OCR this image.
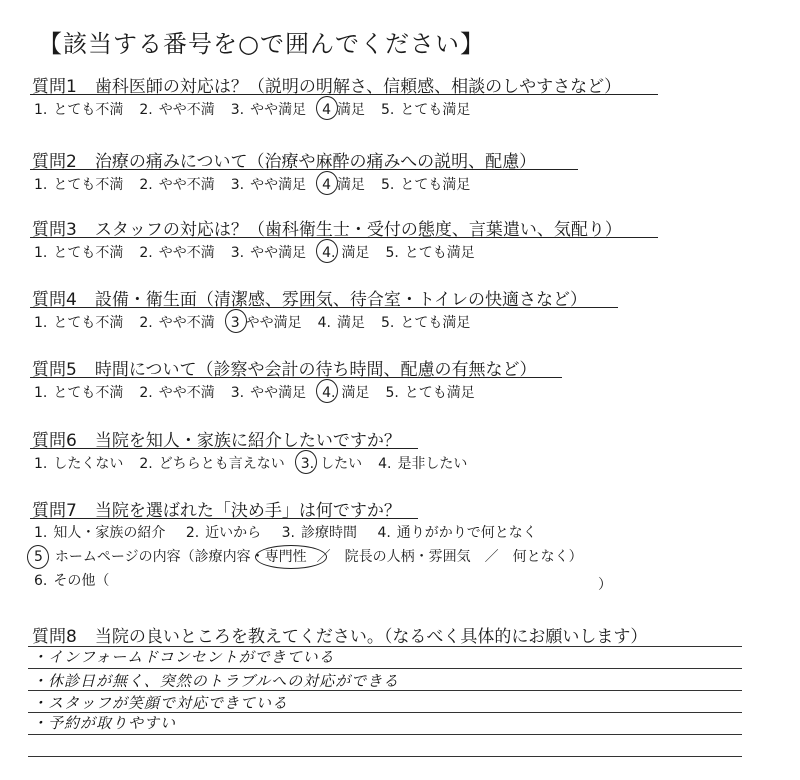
【該当する番号を○で囲んでください】
質問1 歯科医師の対応は？（説明の明解さ、信頼感、相談のしやすさなど）
1. とても不満 2. やや不満 3. やや満足 4 満足 5. とても満足
質問2 治療の痛みについて（治療や麻酔の痛みへの説明、配慮）
1. とても不満 2. やや不満 3. やや満足 4 満足 5. とても満足
質問3 スタッフの対応は？（歯科衛生士・受付の態度、言葉遣い、気配り）
1. とても不満 2. やや不満 3. やや満足 4. 満足 5. とても満足
質問4 設備・衛生面（清潔感、雰囲気、待合室・トイレの快適さなど）
1. とても不満 2. やや不満 3 やや満足 4. 満足 5. とても満足
質問5 時間について（診察や会計の待ち時間、配慮の有無など）
1. とても不満 2. やや不満 3. やや満足 4. 満足 5. とても満足
質問6 当院を知人・家族に紹介したいですか？
1. したくない 2. どちらとも言えない 3. したい 4. 是非したい
質問7 当院を選ばれた「決め手」は何ですか？
1. 知人・家族の紹介 2. 近いから 3. 診療時間 4. 通りがかりで何となく
5 ホームページの内容（診療内容・専門性 ／　院長の人柄・雰囲気　／　何となく）
6. その他（	）
質問8 当院の良いところを教えてください。（なるべく具体的にお願いします）
・インフォームドコンセントができている
・休診日が無く、突然のトラブルへの対応ができる
・スタッフが笑顔で対応できている
・予約が取りやすい
